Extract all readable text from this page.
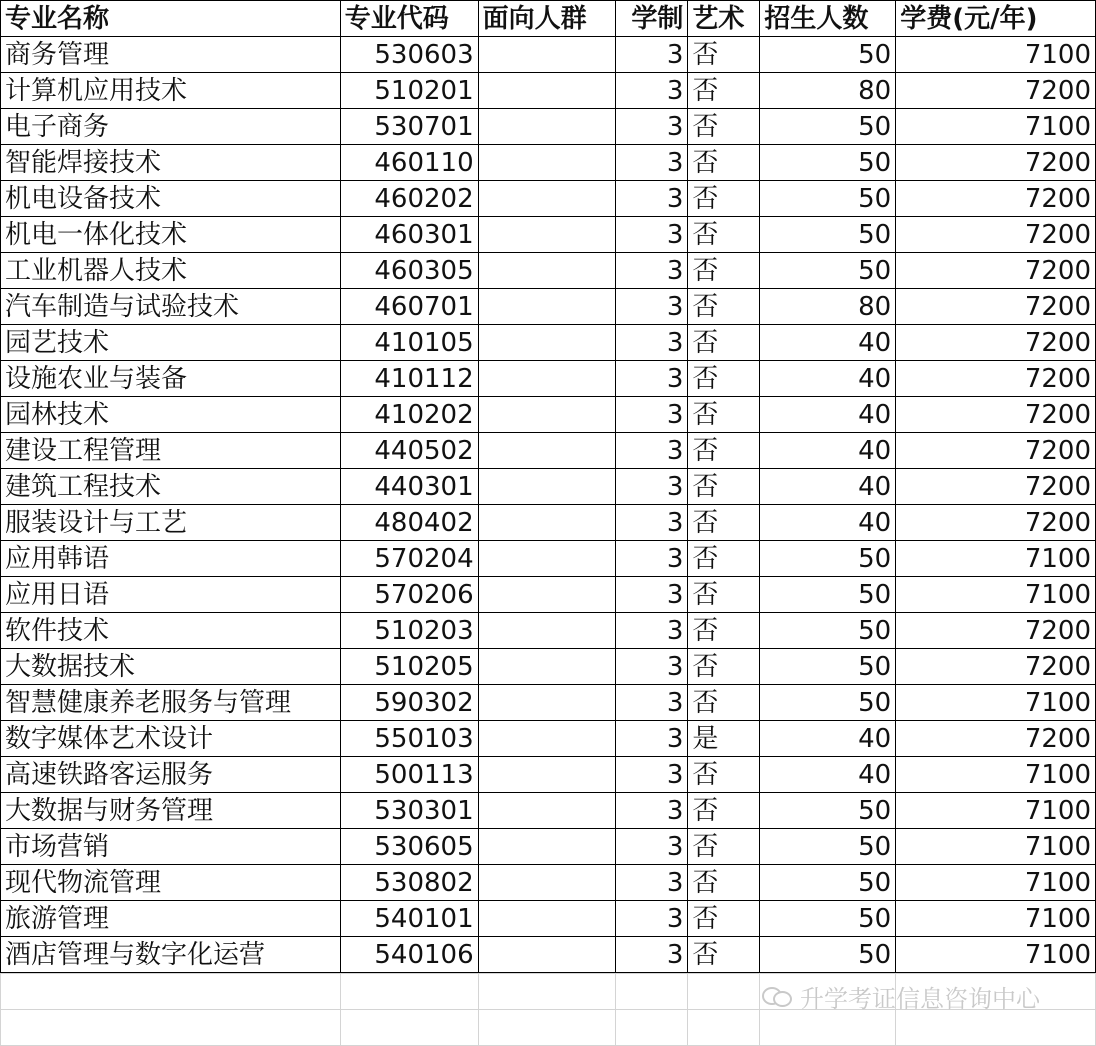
专业名称	专业代码	面向人群	学制	艺术	招生人数	学费(元/年)
商务管理	530603		3	否	50	7100
计算机应用技术	510201		3	否	80	7200
电子商务	530701		3	否	50	7100
智能焊接技术	460110		3	否	50	7200
机电设备技术	460202		3	否	50	7200
机电一体化技术	460301		3	否	50	7200
工业机器人技术	460305		3	否	50	7200
汽车制造与试验技术	460701		3	否	80	7200
园艺技术	410105		3	否	40	7200
设施农业与装备	410112		3	否	40	7200
园林技术	410202		3	否	40	7200
建设工程管理	440502		3	否	40	7200
建筑工程技术	440301		3	否	40	7200
服装设计与工艺	480402		3	否	40	7200
应用韩语	570204		3	否	50	7100
应用日语	570206		3	否	50	7100
软件技术	510203		3	否	50	7200
大数据技术	510205		3	否	50	7200
智慧健康养老服务与管理	590302		3	否	50	7100
数字媒体艺术设计	550103		3	是	40	7200
高速铁路客运服务	500113		3	否	40	7100
大数据与财务管理	530301		3	否	50	7100
市场营销	530605		3	否	50	7100
现代物流管理	530802		3	否	50	7100
旅游管理	540101		3	否	50	7100
酒店管理与数字化运营	540106		3	否	50	7100

升学考证信息咨询中心
